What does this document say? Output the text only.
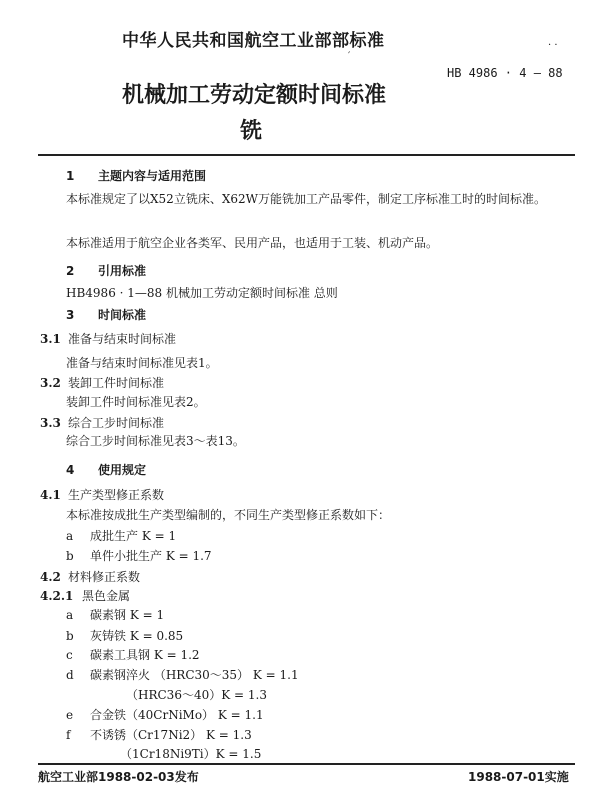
中华人民共和国航空工业部部标准	· ·
′
HB 4986 · 4 — 88
机械加工劳动定额时间标准
铣
1 主题内容与适用范围
本标准规定了以X52立铣床、X62W万能铣加工产品零件，制定工序标准工时的时间标准。
本标准适用于航空企业各类军、民用产品，也适用于工装、机动产品。
2 引用标准
HB4986 · 1—88 机械加工劳动定额时间标准 总则
3 时间标准
3.1 准备与结束时间标准
准备与结束时间标准见表1。
3.2 装卸工件时间标准
装卸工件时间标准见表2。
3.3 综合工步时间标准
综合工步时间标准见表3～表13。
4 使用规定
4.1 生产类型修正系数
本标准按成批生产类型编制的，不同生产类型修正系数如下：
a 成批生产 K = 1
b 单件小批生产 K = 1.7
4.2 材料修正系数
4.2.1 黑色金属
a 碳素钢 K = 1
b 灰铸铁 K = 0.85
c 碳素工具钢 K = 1.2
d 碳素钢淬火 （HRC30～35） K = 1.1
（HRC36～40）K = 1.3
e 合金铁（40CrNiMo） K = 1.1
f 不诱锈（Cr17Ni2） K = 1.3
（1Cr18Ni9Ti）K = 1.5
航空工业部1988-02-03发布	1988-07-01实施
